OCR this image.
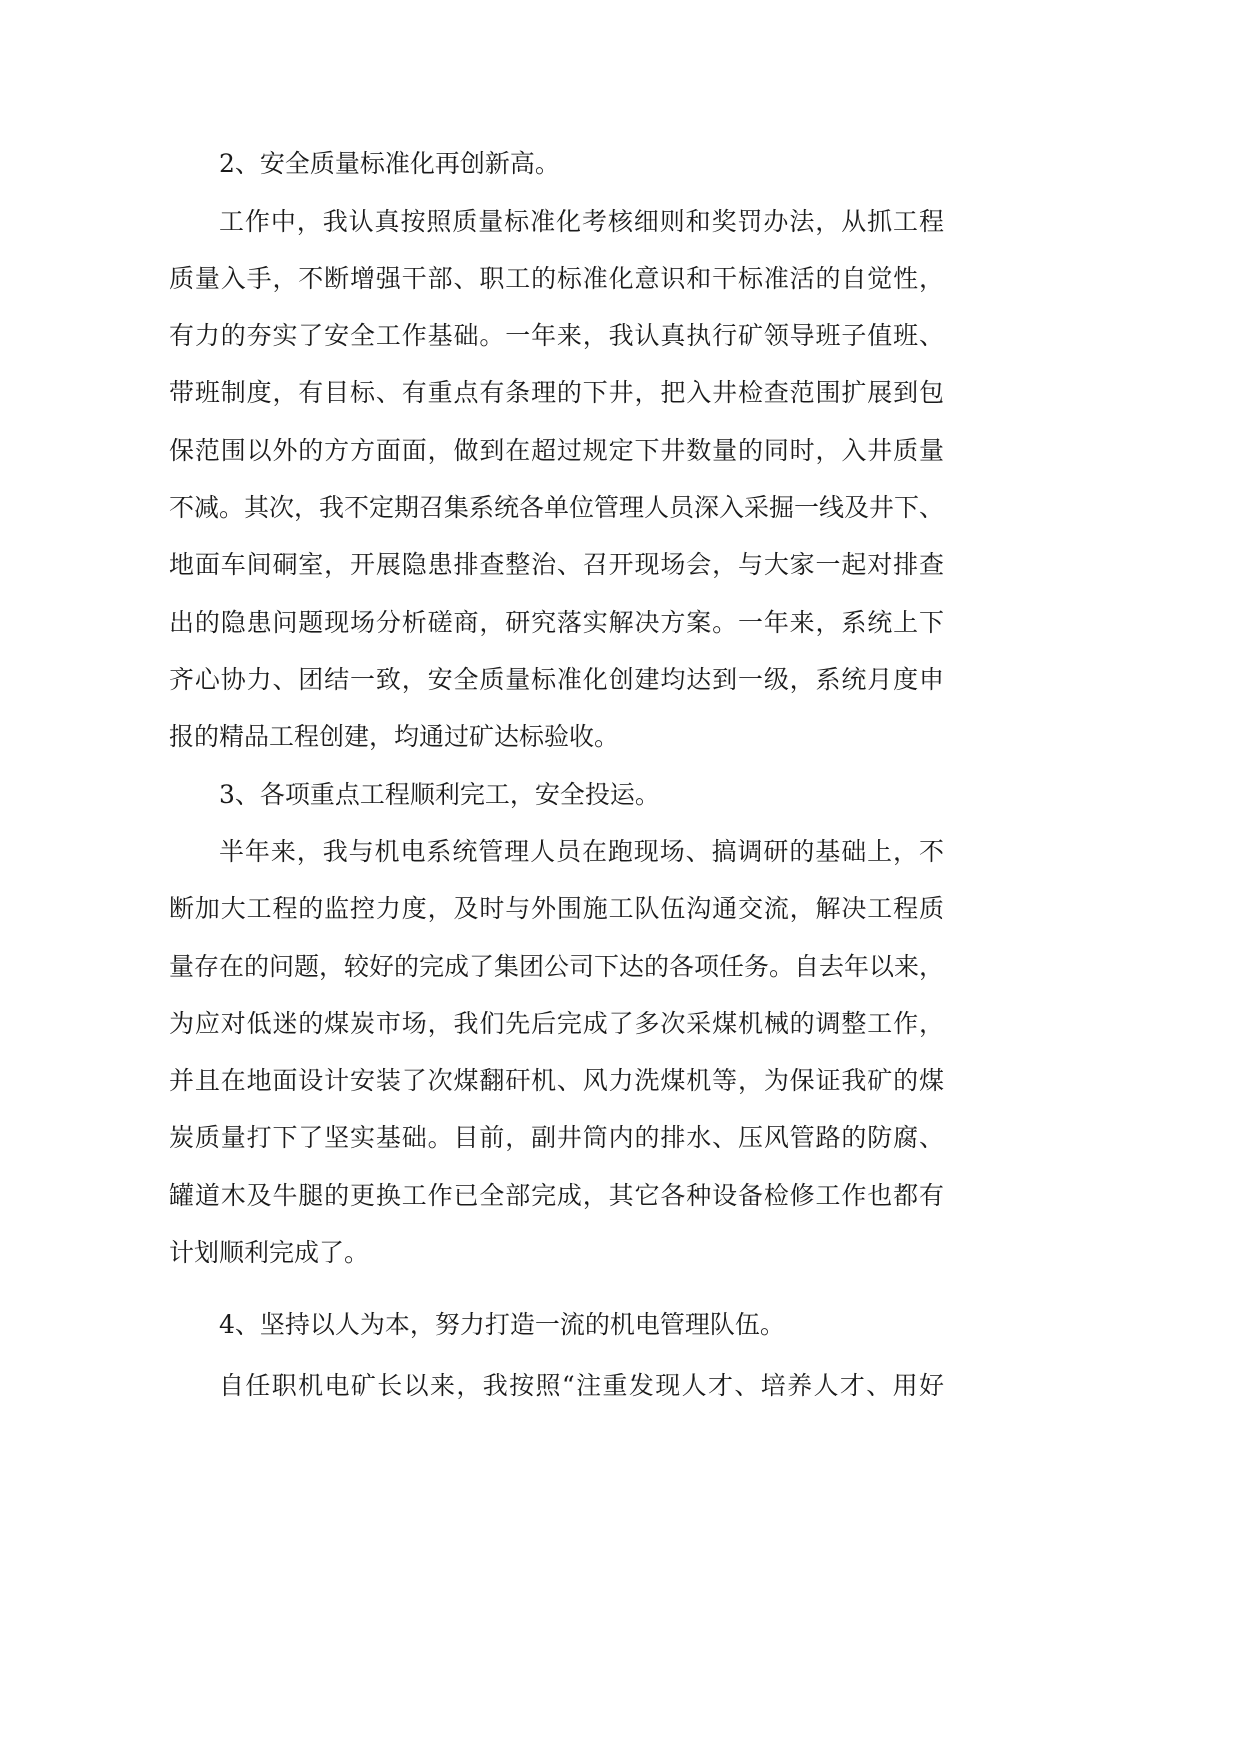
2、安全质量标准化再创新高。
工作中，我认真按照质量标准化考核细则和奖罚办法，从抓工程
质量入手，不断增强干部、职工的标准化意识和干标准活的自觉性，
有力的夯实了安全工作基础。一年来，我认真执行矿领导班子值班、
带班制度，有目标、有重点有条理的下井，把入井检查范围扩展到包
保范围以外的方方面面，做到在超过规定下井数量的同时，入井质量
不减。其次，我不定期召集系统各单位管理人员深入采掘一线及井下、
地面车间硐室，开展隐患排查整治、召开现场会，与大家一起对排查
出的隐患问题现场分析磋商，研究落实解决方案。一年来，系统上下
齐心协力、团结一致，安全质量标准化创建均达到一级，系统月度申
报的精品工程创建，均通过矿达标验收。
3、各项重点工程顺利完工，安全投运。
半年来，我与机电系统管理人员在跑现场、搞调研的基础上，不
断加大工程的监控力度，及时与外围施工队伍沟通交流，解决工程质
量存在的问题，较好的完成了集团公司下达的各项任务。自去年以来，
为应对低迷的煤炭市场，我们先后完成了多次采煤机械的调整工作，
并且在地面设计安装了次煤翻矸机、风力洗煤机等，为保证我矿的煤
炭质量打下了坚实基础。目前，副井筒内的排水、压风管路的防腐、
罐道木及牛腿的更换工作已全部完成，其它各种设备检修工作也都有
计划顺利完成了。
4、坚持以人为本，努力打造一流的机电管理队伍。
自任职机电矿长以来，我按照“注重发现人才、培养人才、用好
